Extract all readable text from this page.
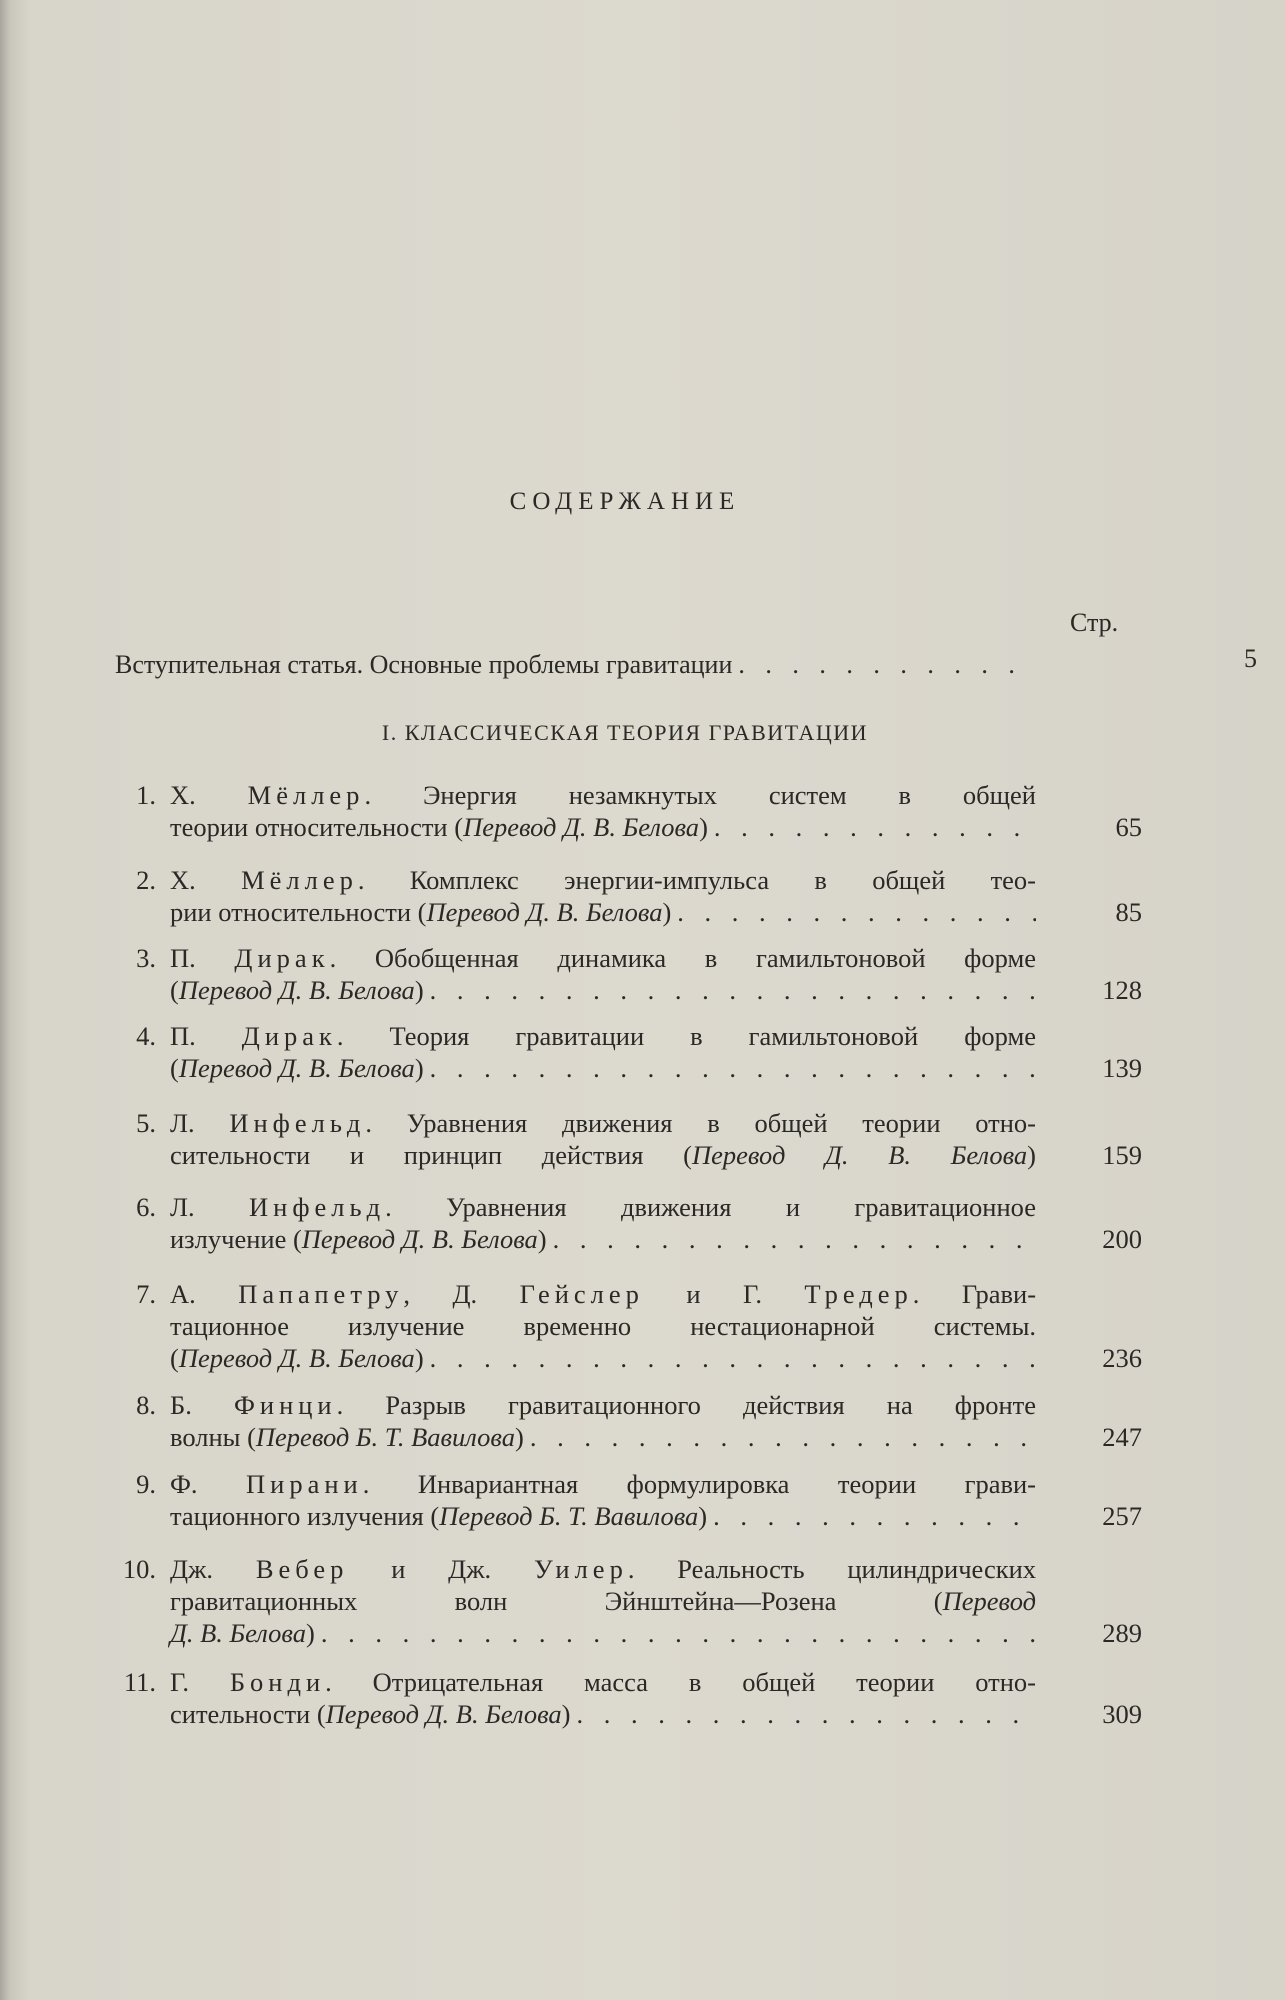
СОДЕРЖАНИЕ
Стр.
Вступительная статья. Основные проблемы гравитации . . .	5
I. КЛАССИЧЕСКАЯ ТЕОРИЯ ГРАВИТАЦИИ
1. Х. Мёллер. Энергия незамкнутых систем в общей
теории относительности ( Перевод Д. В. Белова ) . . .	65
2. Х. Мёллер. Комплекс энергии-импульса в общей тео-
рии относительности ( Перевод Д. В. Белова ) . . .	85
3. П. Дирак. Обобщенная динамика в гамильтоновой форме
( Перевод Д. В. Белова ) . . .	128
4. П. Дирак. Теория гравитации в гамильтоновой форме
( Перевод Д. В. Белова ) . . .	139
5. Л. Инфельд. Уравнения движения в общей теории отно-
сительности и принцип действия (Перевод Д. В. Белова)	159
6. Л. Инфельд. Уравнения движения и гравитационное
излучение ( Перевод Д. В. Белова ) . . .	200
7. А. Папапетру, Д. Гейслер и Г. Тредер. Грави-
тационное излучение временно нестационарной системы.
( Перевод Д. В. Белова ) . . .	236
8. Б. Финци. Разрыв гравитационного действия на фронте
волны ( Перевод Б. Т. Вавилова ) . . .	247
9. Ф. Пирани. Инвариантная формулировка теории грави-
тационного излучения ( Перевод Б. Т. Вавилова ) . . .	257
10. Дж. Вебер и Дж. Уилер. Реальность цилиндрических
гравитационных волн Эйнштейна—Розена (Перевод
Д. В. Белова ) . . .	289
11. Г. Бонди. Отрицательная масса в общей теории отно-
сительности ( Перевод Д. В. Белова ) . . .	309
